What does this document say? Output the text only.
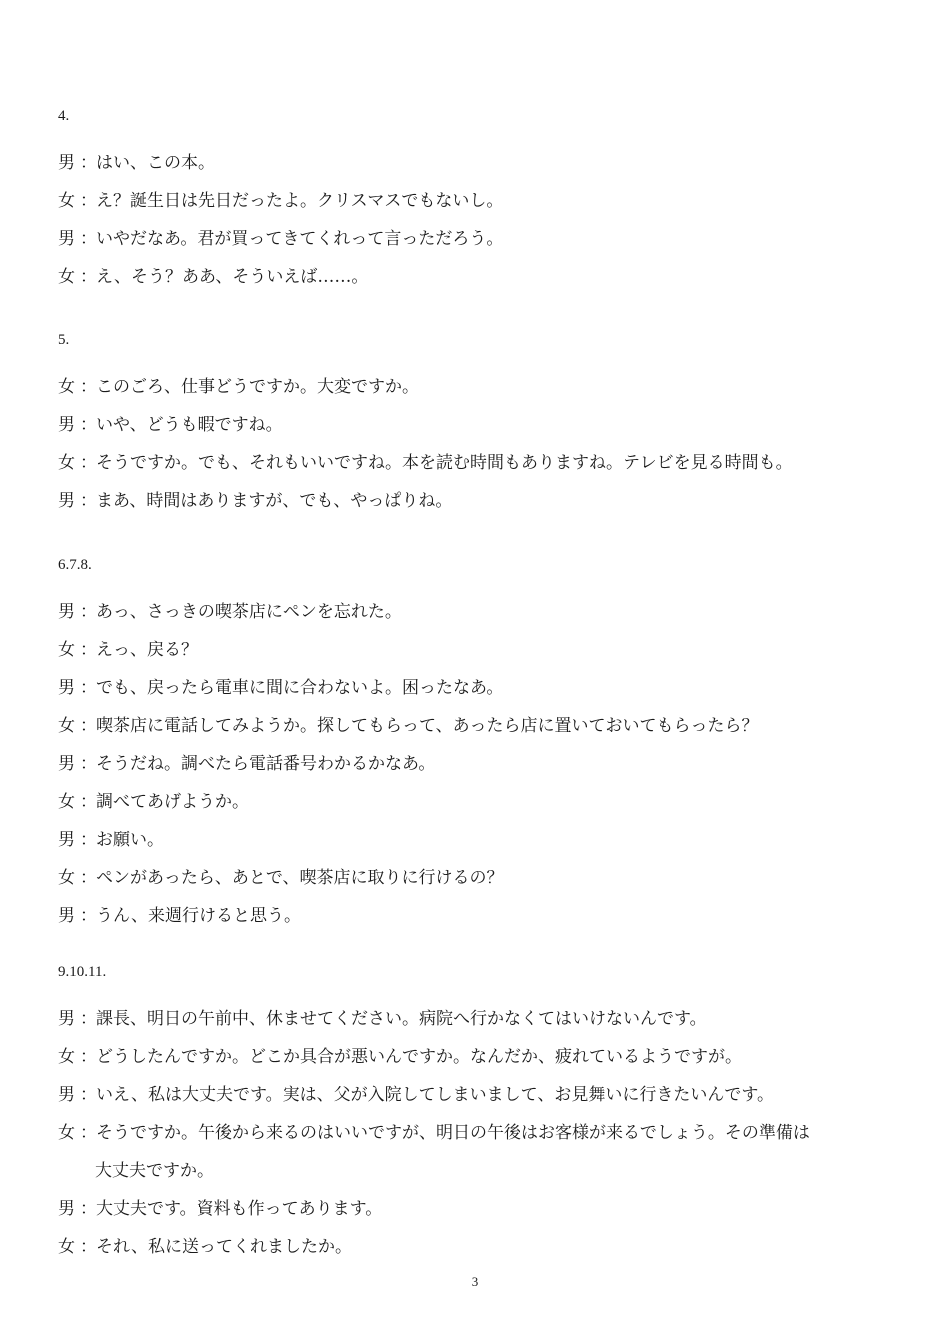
4.
男 ： はい、この本。
女 ： え？誕生日は先日だったよ。クリスマスでもないし。
男 ： いやだなあ。君が買ってきてくれって言っただろう。
女 ： え、そう？ああ、そういえば……。
5.
女 ： このごろ、仕事どうですか。大変ですか。
男 ： いや、どうも暇ですね。
女 ： そうですか。でも、それもいいですね。本を読む時間もありますね。テレビを見る時間も。
男 ： まあ、時間はありますが、でも、やっぱりね。
6.7.8.
男 ： あっ、さっきの喫茶店にペンを忘れた。
女 ： えっ、戻る？
男 ： でも、戻ったら電車に間に合わないよ。困ったなあ。
女 ： 喫茶店に電話してみようか。探してもらって、あったら店に置いておいてもらったら？
男 ： そうだね。調べたら電話番号わかるかなあ。
女 ： 調べてあげようか。
男 ： お願い。
女 ： ペンがあったら、あとで、喫茶店に取りに行けるの？
男 ： うん、来週行けると思う。
9.10.11.
男 ： 課長、明日の午前中、休ませてください。病院へ行かなくてはいけないんです。
女 ： どうしたんですか。どこか具合が悪いんですか。なんだか、疲れているようですが。
男 ： いえ、私は大丈夫です。実は、父が入院してしまいまして、お見舞いに行きたいんです。
女 ： そうですか。午後から来るのはいいですが、明日の午後はお客様が来るでしょう。その準備は
大丈夫ですか。
男 ： 大丈夫です。資料も作ってあります。
女 ： それ、私に送ってくれましたか。
3
